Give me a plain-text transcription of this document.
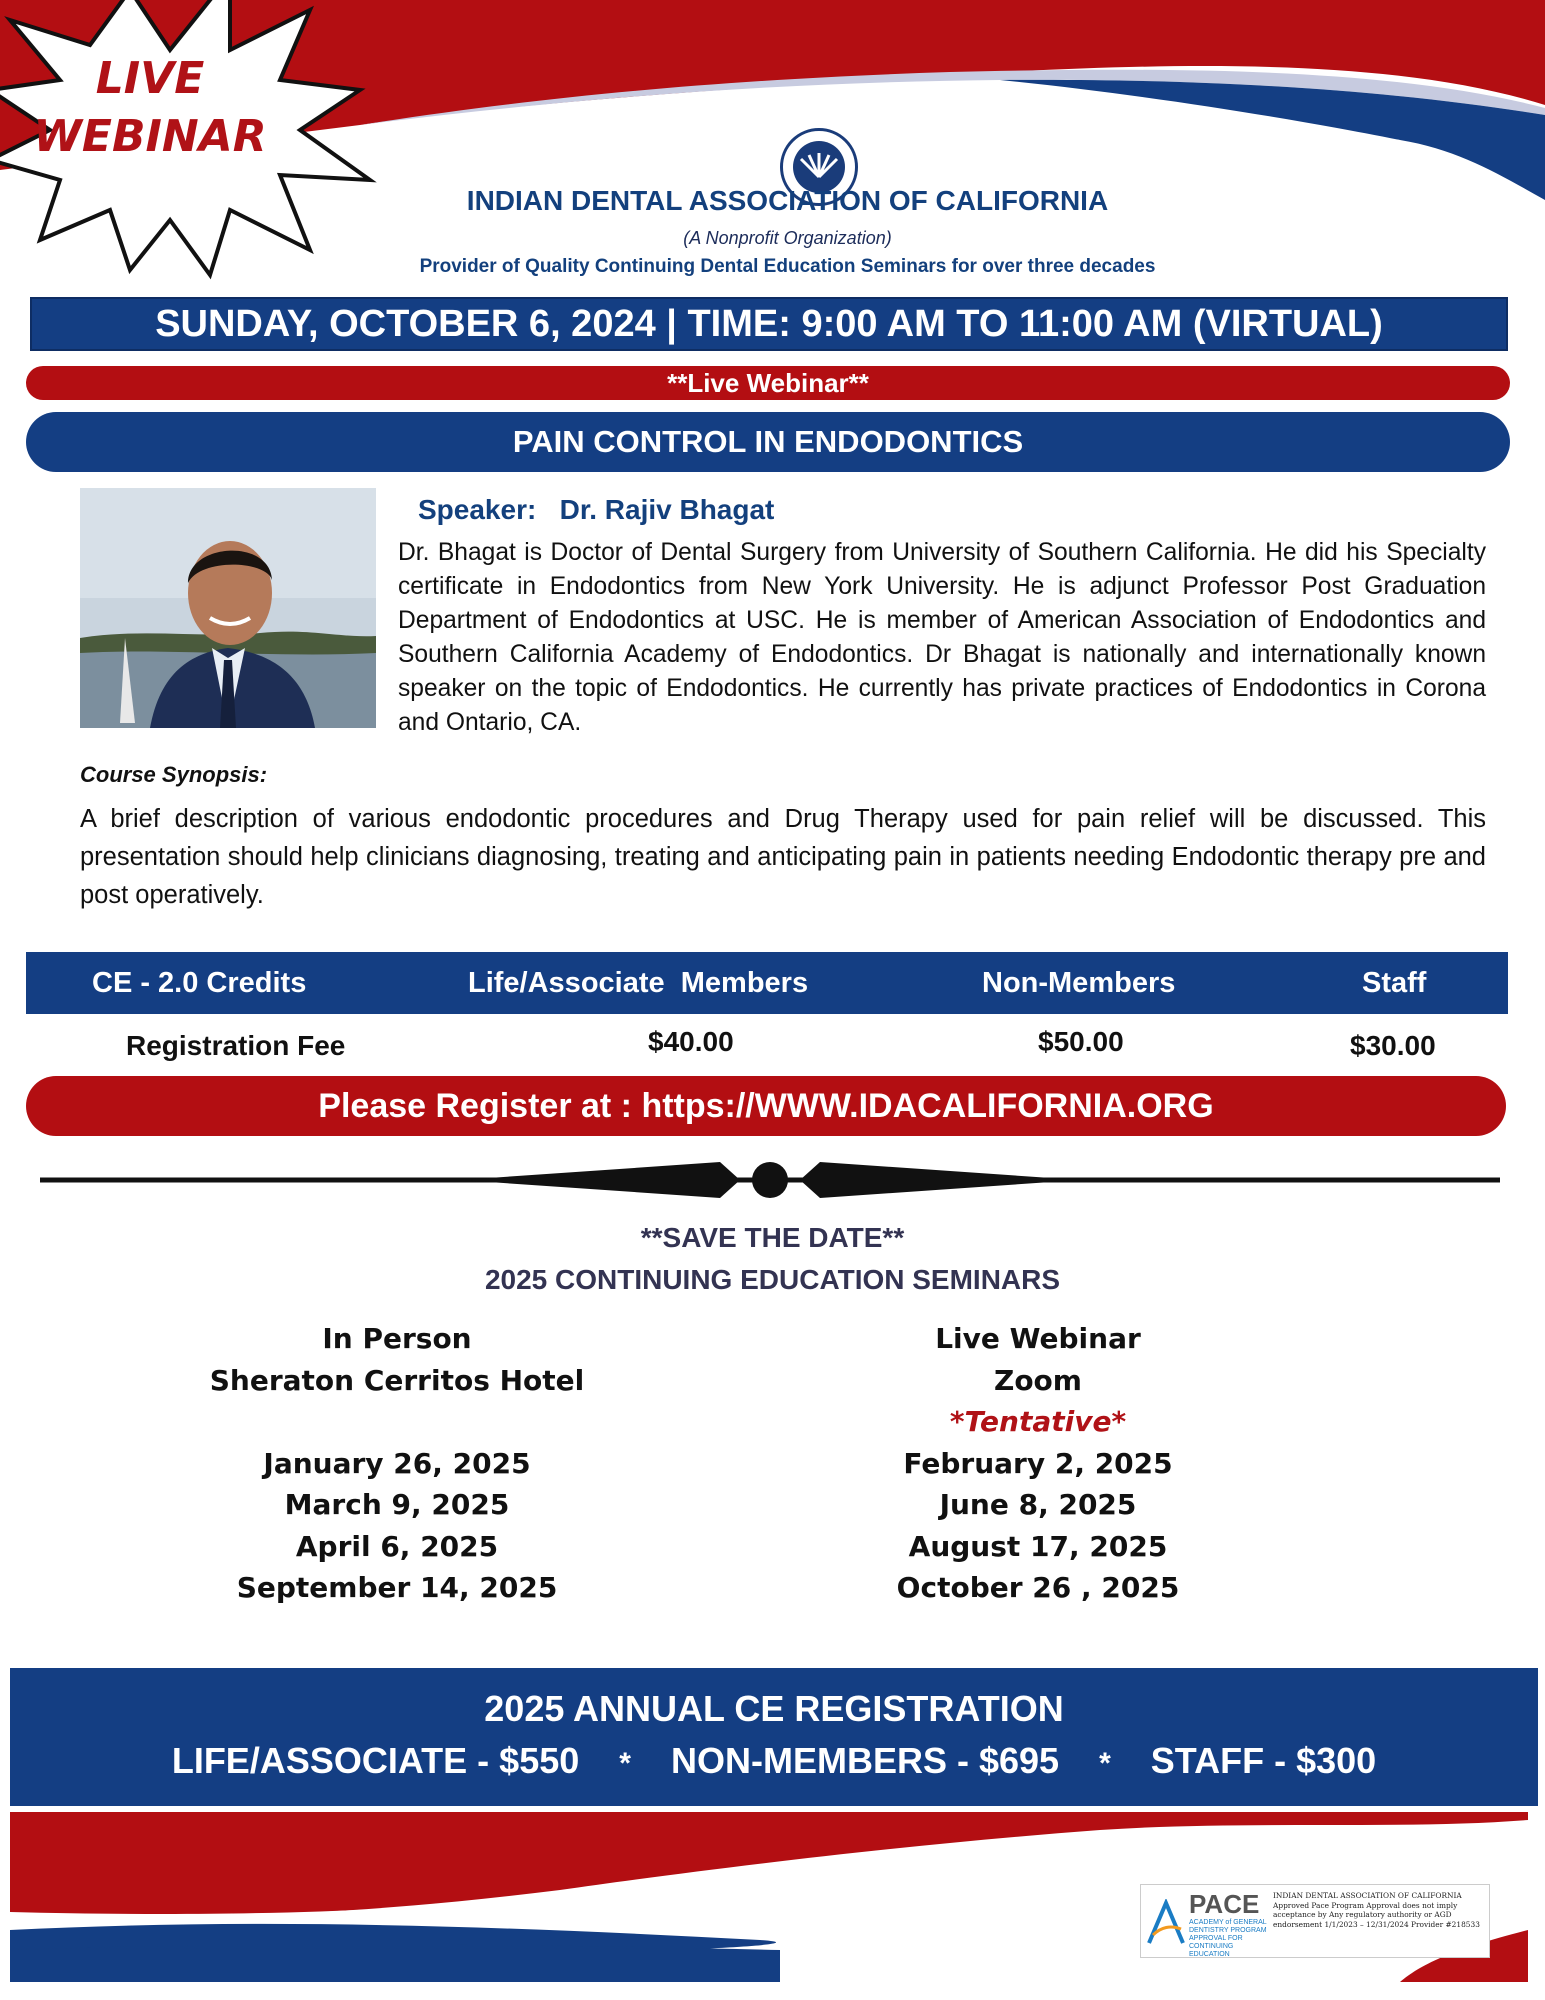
LIVE
WEBINAR
INDIAN DENTAL ASSOCIATION OF CALIFORNIA
(A Nonprofit Organization)
Provider of Quality Continuing Dental Education Seminars for over three decades
SUNDAY, OCTOBER 6, 2024 | TIME: 9:00 AM TO 11:00 AM (VIRTUAL)
**Live Webinar**
PAIN CONTROL IN ENDODONTICS
Speaker: Dr. Rajiv Bhagat
Dr. Bhagat is Doctor of Dental Surgery from University of Southern California. He did his Specialty certificate in Endodontics from New York University. He is adjunct Professor Post Graduation Department of Endodontics at USC. He is member of American Association of Endodontics and Southern California Academy of Endodontics. Dr Bhagat is nationally and internationally known speaker on the topic of Endodontics. He currently has private practices of Endodontics in Corona and Ontario, CA.
Course Synopsis:
A brief description of various endodontic procedures and Drug Therapy used for pain relief will be discussed. This presentation should help clinicians diagnosing, treating and anticipating pain in patients needing Endodontic therapy pre and post operatively.
CE - 2.0 Credits	Life/Associate  Members	Non-Members	Staff
Registration Fee	$40.00	$50.00	$30.00
Please Register at : https://WWW.IDACALIFORNIA.ORG
**SAVE THE DATE**
2025 CONTINUING EDUCATION SEMINARS
In Person
Sheraton Cerritos Hotel
January 26, 2025
March 9, 2025
April 6, 2025
September 14, 2025
Live Webinar
Zoom
*Tentative*
February 2, 2025
June 8, 2025
August 17, 2025
October 26 , 2025
2025 ANNUAL CE REGISTRATION
LIFE/ASSOCIATE - $550 * NON-MEMBERS - $695 * STAFF - $300
PACE
ACADEMY of GENERAL DENTISTRY PROGRAM APPROVAL FOR CONTINUING EDUCATION
INDIAN DENTAL ASSOCIATION OF CALIFORNIA Approved Pace Program Approval does not imply acceptance by Any regulatory authority or AGD endorsement 1/1/2023 – 12/31/2024 Provider #218533
